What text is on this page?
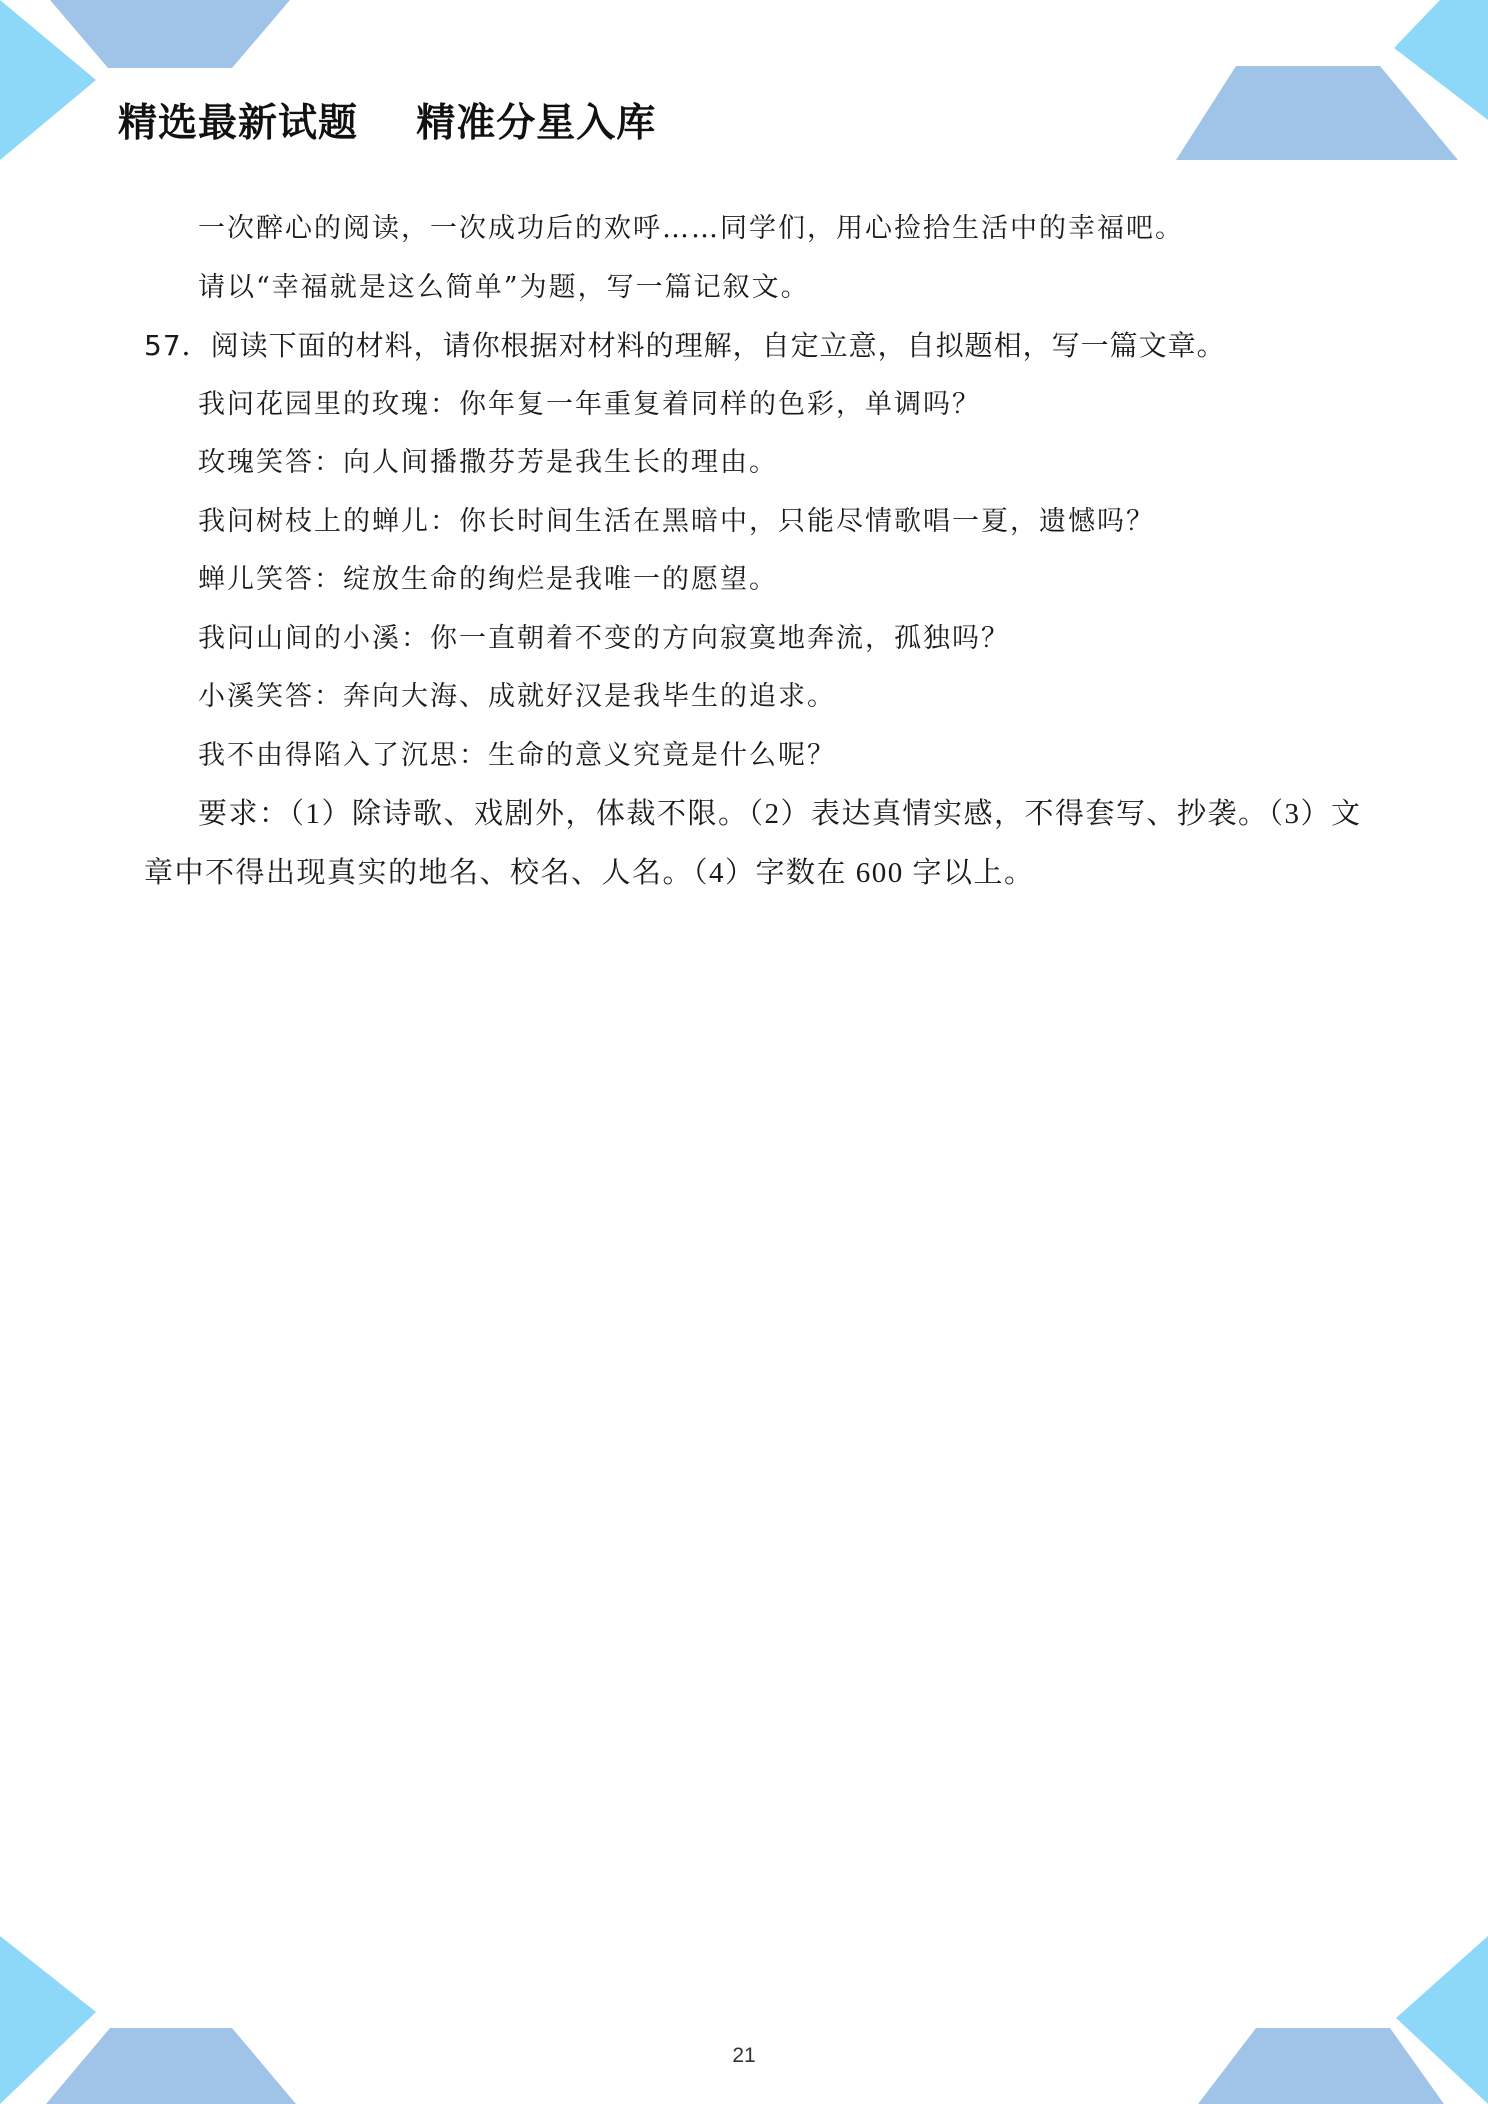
精选最新试题    精准分星入库
一次醉心的阅读，一次成功后的欢呼……同学们，用心捡拾生活中的幸福吧。
请以“幸福就是这么简单”为题，写一篇记叙文。
57．阅读下面的材料，请你根据对材料的理解，自定立意，自拟题相，写一篇文章。
我问花园里的玫瑰：你年复一年重复着同样的色彩，单调吗？
玫瑰笑答：向人间播撒芬芳是我生长的理由。
我问树枝上的蝉儿：你长时间生活在黑暗中，只能尽情歌唱一夏，遗憾吗？
蝉儿笑答：绽放生命的绚烂是我唯一的愿望。
我问山间的小溪：你一直朝着不变的方向寂寞地奔流，孤独吗？
小溪笑答：奔向大海、成就好汉是我毕生的追求。
我不由得陷入了沉思：生命的意义究竟是什么呢？
要求：（1）除诗歌、戏剧外，体裁不限。（2）表达真情实感，不得套写、抄袭。（3）文
章中不得出现真实的地名、校名、人名。（4）字数在 600 字以上。
21
